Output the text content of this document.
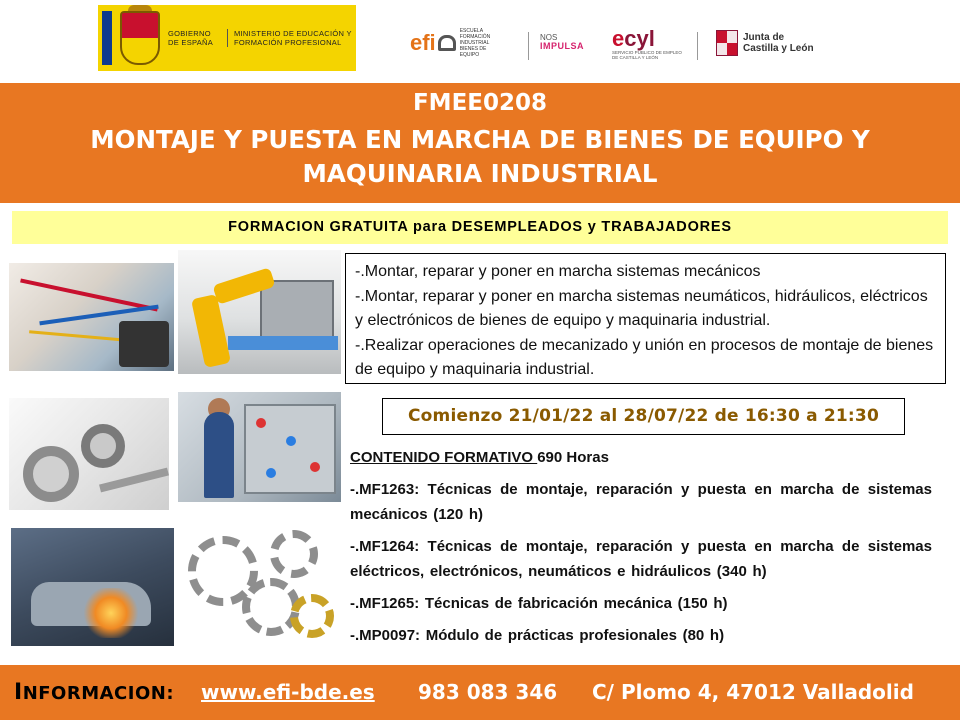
GOBIERNO DE ESPAÑA
MINISTERIO DE EDUCACIÓN Y FORMACIÓN PROFESIONAL	efi	ESCUELA FORMACIÓN INDUSTRIAL BIENES DE EQUIPO
NOS
IMPULSA ecyl
SERVICIO PÚBLICO DE EMPLEO DE CASTILLA Y LEÓN
Junta de
Castilla y León
FMEE0208
MONTAJE Y PUESTA EN MARCHA DE BIENES DE EQUIPO Y MAQUINARIA INDUSTRIAL
FORMACION GRATUITA para DESEMPLEADOS y TRABAJADORES
-.Montar, reparar y poner en marcha sistemas mecánicos
-.Montar, reparar y poner en marcha sistemas neumáticos, hidráulicos, eléctricos y electrónicos de bienes de equipo y maquinaria industrial.
-.Realizar operaciones de mecanizado y unión en procesos de montaje de bienes de equipo y maquinaria industrial.
Comienzo 21/01/22 al 28/07/22 de 16:30 a 21:30
CONTENIDO FORMATIVO 690 Horas
-.MF1263: Técnicas de montaje, reparación y puesta en marcha de sistemas mecánicos (120 h)
-.MF1264: Técnicas de montaje, reparación y puesta en marcha de sistemas eléctricos, electrónicos, neumáticos e hidráulicos (340 h)
-.MF1265: Técnicas de fabricación mecánica (150 h)
-.MP0097: Módulo de prácticas profesionales (80 h)
INFORMACION: www.efi-bde.es 983 083 346 C/ Plomo 4, 47012 Valladolid
